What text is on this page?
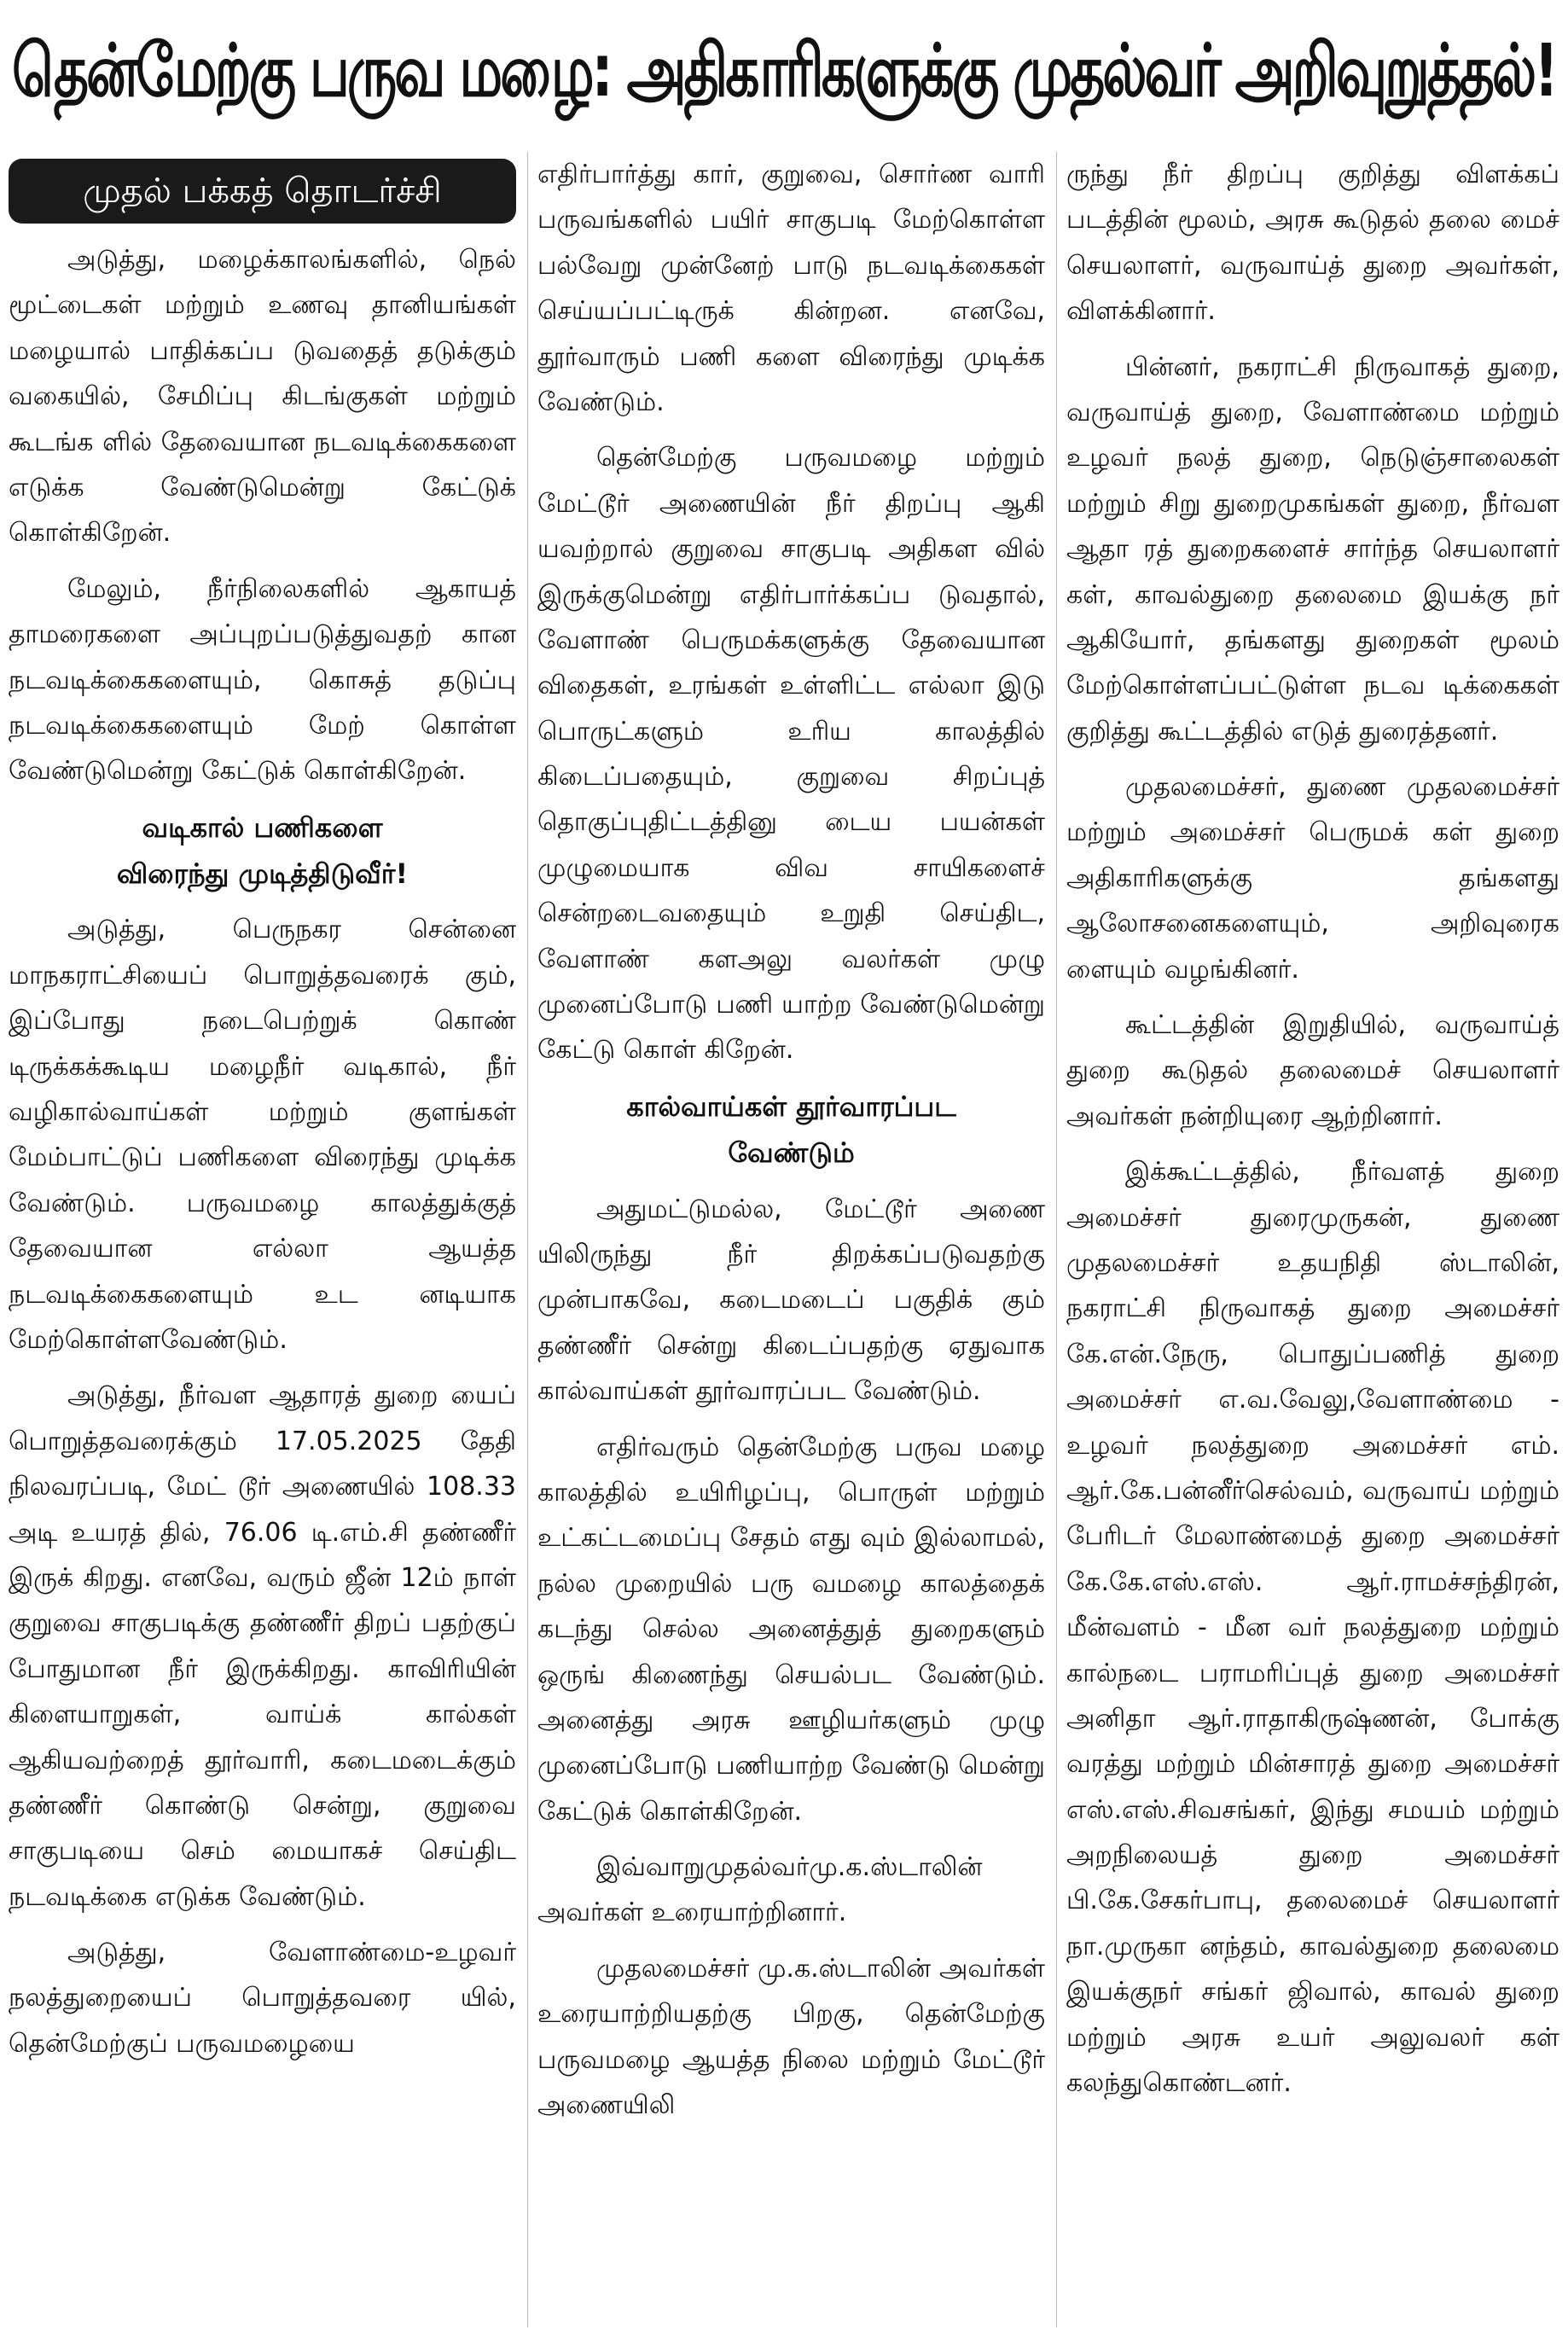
தென்மேற்கு பருவ மழை: அதிகாரிகளுக்கு முதல்வர் அறிவுறுத்தல்!
முதல் பக்கத் தொடர்ச்சி

அடுத்து, மழைக்காலங்களில், நெல் மூட்டைகள் மற்றும் உணவு தானியங்கள் மழையால் பாதிக்கப்ப டுவதைத் தடுக்கும் வகையில், சேமிப்பு கிடங்குகள் மற்றும் கூடங்க ளில் தேவையான நடவடிக்கைகளை எடுக்க வேண்டுமென்று கேட்டுக் கொள்கிறேன்.

மேலும், நீர்நிலைகளில் ஆகாயத் தாமரைகளை அப்புறப்படுத்துவதற் கான நடவடிக்கைகளையும், கொசுத் தடுப்பு நடவடிக்கைகளையும் மேற் கொள்ள வேண்டுமென்று கேட்டுக் கொள்கிறேன்.

வடிகால் பணிகளை
விரைந்து முடித்திடுவீர்!

அடுத்து, பெருநகர சென்னை மாநகராட்சியைப் பொறுத்தவரைக் கும், இப்போது நடைபெற்றுக் கொண் டிருக்கக்கூடிய மழைநீர் வடிகால், நீர் வழிகால்வாய்கள் மற்றும் குளங்கள் மேம்பாட்டுப் பணிகளை விரைந்து முடிக்க வேண்டும். பருவமழை காலத்துக்குத் தேவையான எல்லா ஆயத்த நடவடிக்கைகளையும் உட னடியாக மேற்கொள்ளவேண்டும்.

அடுத்து, நீர்வள ஆதாரத் துறை யைப் பொறுத்தவரைக்கும் 17.05.2025 தேதி நிலவரப்படி, மேட் டூர் அணையில் 108.33 அடி உயரத் தில், 76.06 டி.எம்.சி தண்ணீர் இருக் கிறது. எனவே, வரும் ஜீன் 12ம் நாள் குறுவை சாகுபடிக்கு தண்ணீர் திறப் பதற்குப் போதுமான நீர் இருக்கிறது. காவிரியின் கிளையாறுகள், வாய்க் கால்கள் ஆகியவற்றைத் தூர்வாரி, கடைமடைக்கும் தண்ணீர் கொண்டு சென்று, குறுவை சாகுபடியை செம் மையாகச் செய்திட நடவடிக்கை எடுக்க வேண்டும்.

அடுத்து, வேளாண்மை-உழவர் நலத்துறையைப் பொறுத்தவரை யில், தென்மேற்குப் பருவமழையை

எதிர்பார்த்து கார், குறுவை, சொர்ண வாரி பருவங்களில் பயிர் சாகுபடி மேற்கொள்ள பல்வேறு முன்னேற் பாடு நடவடிக்கைகள் செய்யப்பட்டிருக் கின்றன. எனவே, தூர்வாரும் பணி களை விரைந்து முடிக்க வேண்டும்.

தென்மேற்கு பருவமழை மற்றும் மேட்டூர் அணையின் நீர் திறப்பு ஆகி யவற்றால் குறுவை சாகுபடி அதிகள வில் இருக்குமென்று எதிர்பார்க்கப்ப டுவதால், வேளாண் பெருமக்களுக்கு தேவையான விதைகள், உரங்கள் உள்ளிட்ட எல்லா இடு பொருட்களும் உரிய காலத்தில் கிடைப்பதையும், குறுவை சிறப்புத் தொகுப்புதிட்டத்தினு டைய பயன்கள் முழுமையாக விவ சாயிகளைச் சென்றடைவதையும் உறுதி செய்திட, வேளாண் களஅலு வலர்கள் முழு முனைப்போடு பணி யாற்ற வேண்டுமென்று கேட்டு கொள் கிறேன்.

கால்வாய்கள் தூர்வாரப்பட
வேண்டும்

அதுமட்டுமல்ல, மேட்டூர் அணை யிலிருந்து நீர் திறக்கப்படுவதற்கு முன்பாகவே, கடைமடைப் பகுதிக் கும் தண்ணீர் சென்று கிடைப்பதற்கு ஏதுவாக கால்வாய்கள் தூர்வாரப்பட வேண்டும்.

எதிர்வரும் தென்மேற்கு பருவ மழை காலத்தில் உயிரிழப்பு, பொருள் மற்றும் உட்கட்டமைப்பு சேதம் எது வும் இல்லாமல், நல்ல முறையில் பரு வமழை காலத்தைக் கடந்து செல்ல அனைத்துத் துறைகளும் ஒருங் கிணைந்து செயல்பட வேண்டும். அனைத்து அரசு ஊழியர்களும் முழு முனைப்போடு பணியாற்ற வேண்டு மென்று கேட்டுக் கொள்கிறேன்.

இவ்வாறுமுதல்வர்மு.க.ஸ்டாலின் அவர்கள் உரையாற்றினார்.

முதலமைச்சர் மு.க.ஸ்டாலின் அவர்கள் உரையாற்றியதற்கு பிறகு, தென்மேற்கு பருவமழை ஆயத்த நிலை மற்றும் மேட்டூர் அணையிலி

ருந்து நீர் திறப்பு குறித்து விளக்கப் படத்தின் மூலம், அரசு கூடுதல் தலை மைச் செயலாளர், வருவாய்த் துறை அவர்கள், விளக்கினார்.

பின்னர், நகராட்சி நிருவாகத் துறை, வருவாய்த் துறை, வேளாண்மை மற்றும் உழவர் நலத் துறை, நெடுஞ்சாலைகள் மற்றும் சிறு துறைமுகங்கள் துறை, நீர்வள ஆதா ரத் துறைகளைச் சார்ந்த செயலாளர் கள், காவல்துறை தலைமை இயக்கு நர் ஆகியோர், தங்களது துறைகள் மூலம் மேற்கொள்ளப்பட்டுள்ள நடவ டிக்கைகள் குறித்து கூட்டத்தில் எடுத் துரைத்தனர்.

முதலமைச்சர், துணை முதலமைச்சர் மற்றும் அமைச்சர் பெருமக் கள் துறை அதிகாரிகளுக்கு தங்களது ஆலோசனைகளையும், அறிவுரைக ளையும் வழங்கினர்.

கூட்டத்தின் இறுதியில், வருவாய்த் துறை கூடுதல் தலைமைச் செயலாளர் அவர்கள் நன்றியுரை ஆற்றினார்.

இக்கூட்டத்தில், நீர்வளத் துறை அமைச்சர் துரைமுருகன், துணை முதலமைச்சர் உதயநிதி ஸ்டாலின், நகராட்சி நிருவாகத் துறை அமைச்சர் கே.என்.நேரு, பொதுப்பணித் துறை அமைச்சர் எ.வ.வேலு,வேளாண்மை - உழவர் நலத்துறை அமைச்சர் எம். ஆர்.கே.பன்னீர்செல்வம், வருவாய் மற்றும் பேரிடர் மேலாண்மைத் துறை அமைச்சர் கே.கே.எஸ்.எஸ். ஆர்.ராமச்சந்திரன், மீன்வளம் - மீன வர் நலத்துறை மற்றும் கால்நடை பராமரிப்புத் துறை அமைச்சர் அனிதா ஆர்.ராதாகிருஷ்ணன், போக்கு வரத்து மற்றும் மின்சாரத் துறை அமைச்சர் எஸ்.எஸ்.சிவசங்கர், இந்து சமயம் மற்றும் அறநிலையத் துறை அமைச்சர் பி.கே.சேகர்பாபு, தலைமைச் செயலாளர் நா.முருகா னந்தம், காவல்துறை தலைமை இயக்குநர் சங்கர் ஜிவால், காவல் துறை மற்றும் அரசு உயர் அலுவலர் கள் கலந்துகொண்டனர்.
